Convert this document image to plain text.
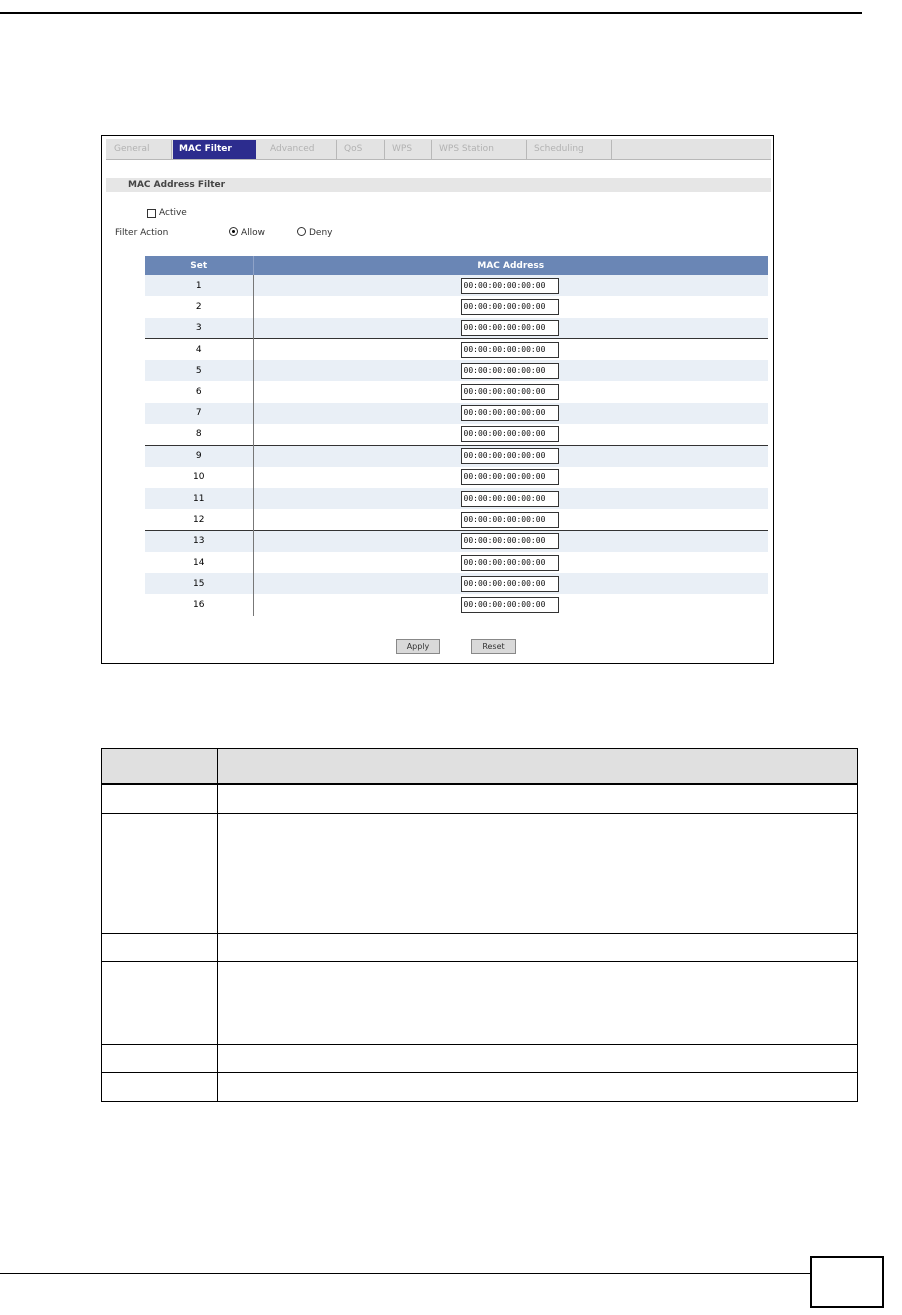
General	MAC Filter	Advanced	QoS	WPS	WPS Station	Scheduling
MAC Address Filter
Active
Filter Action	Allow	Deny
Set	MAC Address
1	00:00:00:00:00:00

2	00:00:00:00:00:00

3	00:00:00:00:00:00

4	00:00:00:00:00:00

5	00:00:00:00:00:00

6	00:00:00:00:00:00

7	00:00:00:00:00:00

8	00:00:00:00:00:00

9	00:00:00:00:00:00

10	00:00:00:00:00:00

11	00:00:00:00:00:00

12	00:00:00:00:00:00

13	00:00:00:00:00:00

14	00:00:00:00:00:00

15	00:00:00:00:00:00

16	00:00:00:00:00:00
Apply	Reset
